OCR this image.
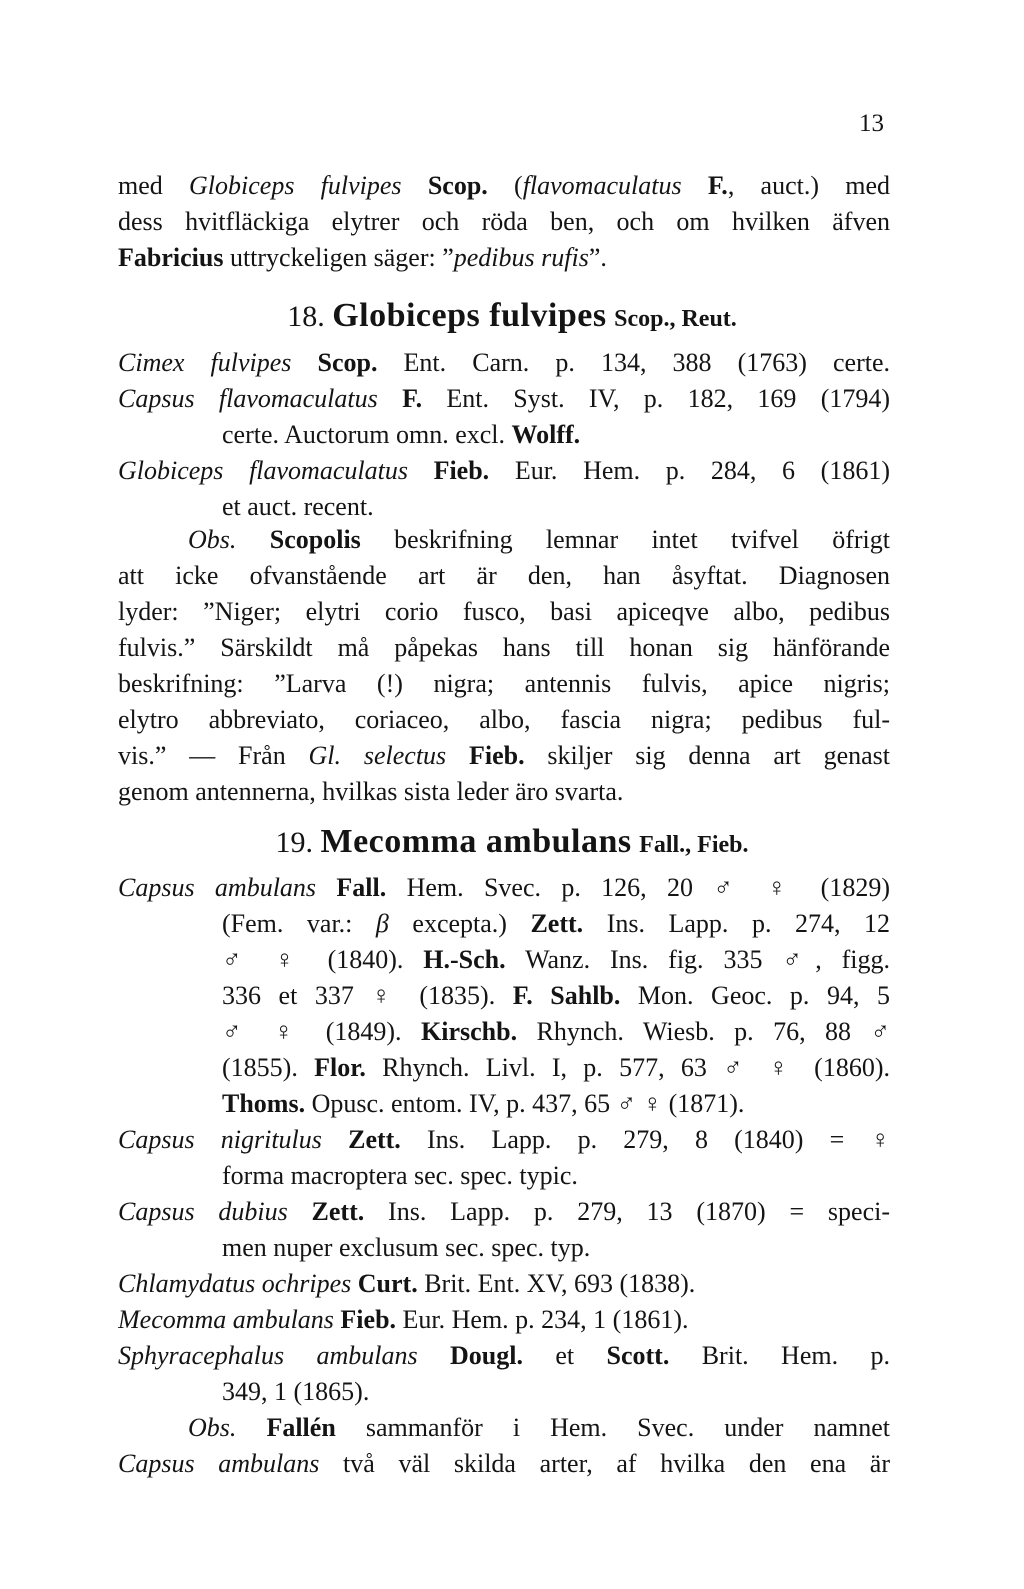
13
med Globiceps fulvipes Scop. (flavomaculatus F., auct.) med
dess hvitfläckiga elytrer och röda ben, och om hvilken äfven
Fabricius uttryckeligen säger: ”pedibus rufis”.
18. Globiceps fulvipes Scop., Reut.
Cimex fulvipes Scop. Ent. Carn. p. 134, 388 (1763) certe.
Capsus flavomaculatus F. Ent. Syst. IV, p. 182, 169 (1794)
certe. Auctorum omn. excl. Wolff.
Globiceps flavomaculatus Fieb. Eur. Hem. p. 284, 6 (1861)
et auct. recent.
Obs. Scopolis beskrifning lemnar intet tvifvel öfrigt
att icke ofvanstående art är den, han åsyftat. Diagnosen
lyder: ”Niger; elytri corio fusco, basi apiceqve albo, pedibus
fulvis.” Särskildt må påpekas hans till honan sig hänförande
beskrifning: ”Larva (!) nigra; antennis fulvis, apice nigris;
elytro abbreviato, coriaceo, albo, fascia nigra; pedibus ful-
vis.” — Från Gl. selectus Fieb. skiljer sig denna art genast
genom antennerna, hvilkas sista leder äro svarta.
19. Mecomma ambulans Fall., Fieb.
Capsus ambulans Fall. Hem. Svec. p. 126, 20 ♂ ♀ (1829)
(Fem. var.: β excepta.) Zett. Ins. Lapp. p. 274, 12
♂ ♀ (1840). H.-Sch. Wanz. Ins. fig. 335 ♂, figg.
336 et 337 ♀ (1835). F. Sahlb. Mon. Geoc. p. 94, 5
♂ ♀ (1849). Kirschb. Rhynch. Wiesb. p. 76, 88 ♂
(1855). Flor. Rhynch. Livl. I, p. 577, 63 ♂ ♀ (1860).
Thoms. Opusc. entom. IV, p. 437, 65 ♂ ♀ (1871).
Capsus nigritulus Zett. Ins. Lapp. p. 279, 8 (1840) = ♀
forma macroptera sec. spec. typic.
Capsus dubius Zett. Ins. Lapp. p. 279, 13 (1870) = speci-
men nuper exclusum sec. spec. typ.
Chlamydatus ochripes Curt. Brit. Ent. XV, 693 (1838).
Mecomma ambulans Fieb. Eur. Hem. p. 234, 1 (1861).
Sphyracephalus ambulans Dougl. et Scott. Brit. Hem. p.
349, 1 (1865).
Obs. Fallén sammanför i Hem. Svec. under namnet
Capsus ambulans två väl skilda arter, af hvilka den ena är
